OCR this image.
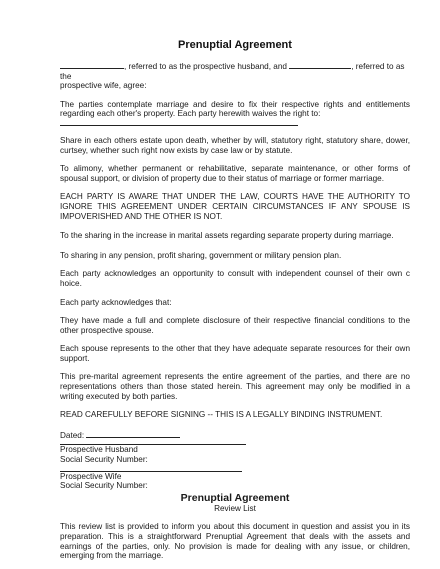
Prenuptial Agreement

, referred to as the prospective husband, and	, referred to as the

prospective wife, agree:

The parties contemplate marriage and desire to fix their respective rights and entitlements regarding each other's property. Each party herewith waives the right to:

Share in each others estate upon death, whether by will, statutory right, statutory share, dower, curtsey, whether such right now exists by case law or by statute.

To alimony, whether permanent or rehabilitative, separate maintenance, or other forms of spousal support, or division of property due to their status of marriage or former marriage.

EACH PARTY IS AWARE THAT UNDER THE LAW, COURTS HAVE THE AUTHORITY TO IGNORE THIS AGREEMENT UNDER CERTAIN CIRCUMSTANCES IF ANY SPOUSE IS IMPOVERISHED AND THE OTHER IS NOT.

To the sharing in the increase in marital assets regarding separate property during marriage.

To sharing in any pension, profit sharing, government or military pension plan.

Each party acknowledges an opportunity to consult with independent counsel of their own c hoice.

Each party acknowledges that:

They have made a full and complete disclosure of their respective financial conditions to the other prospective spouse.

Each spouse represents to the other that they have adequate separate resources for their own support.

This pre-marital agreement represents the entire agreement of the parties, and there are no representations others than those stated herein. This agreement may only be modified in a writing executed by both parties.

READ CAREFULLY BEFORE SIGNING -- THIS IS A LEGALLY BINDING INSTRUMENT.

Dated:

Prospective Husband

Social Security Number:

Prospective Wife

Social Security Number:

Prenuptial Agreement

Review List

This review list is provided to inform you about this document in question and assist you in its preparation. This is a straightforward Prenuptial Agreement that deals with the assets and earnings of the parties, only. No provision is made for dealing with any issue, or children, emerging from the marriage.
